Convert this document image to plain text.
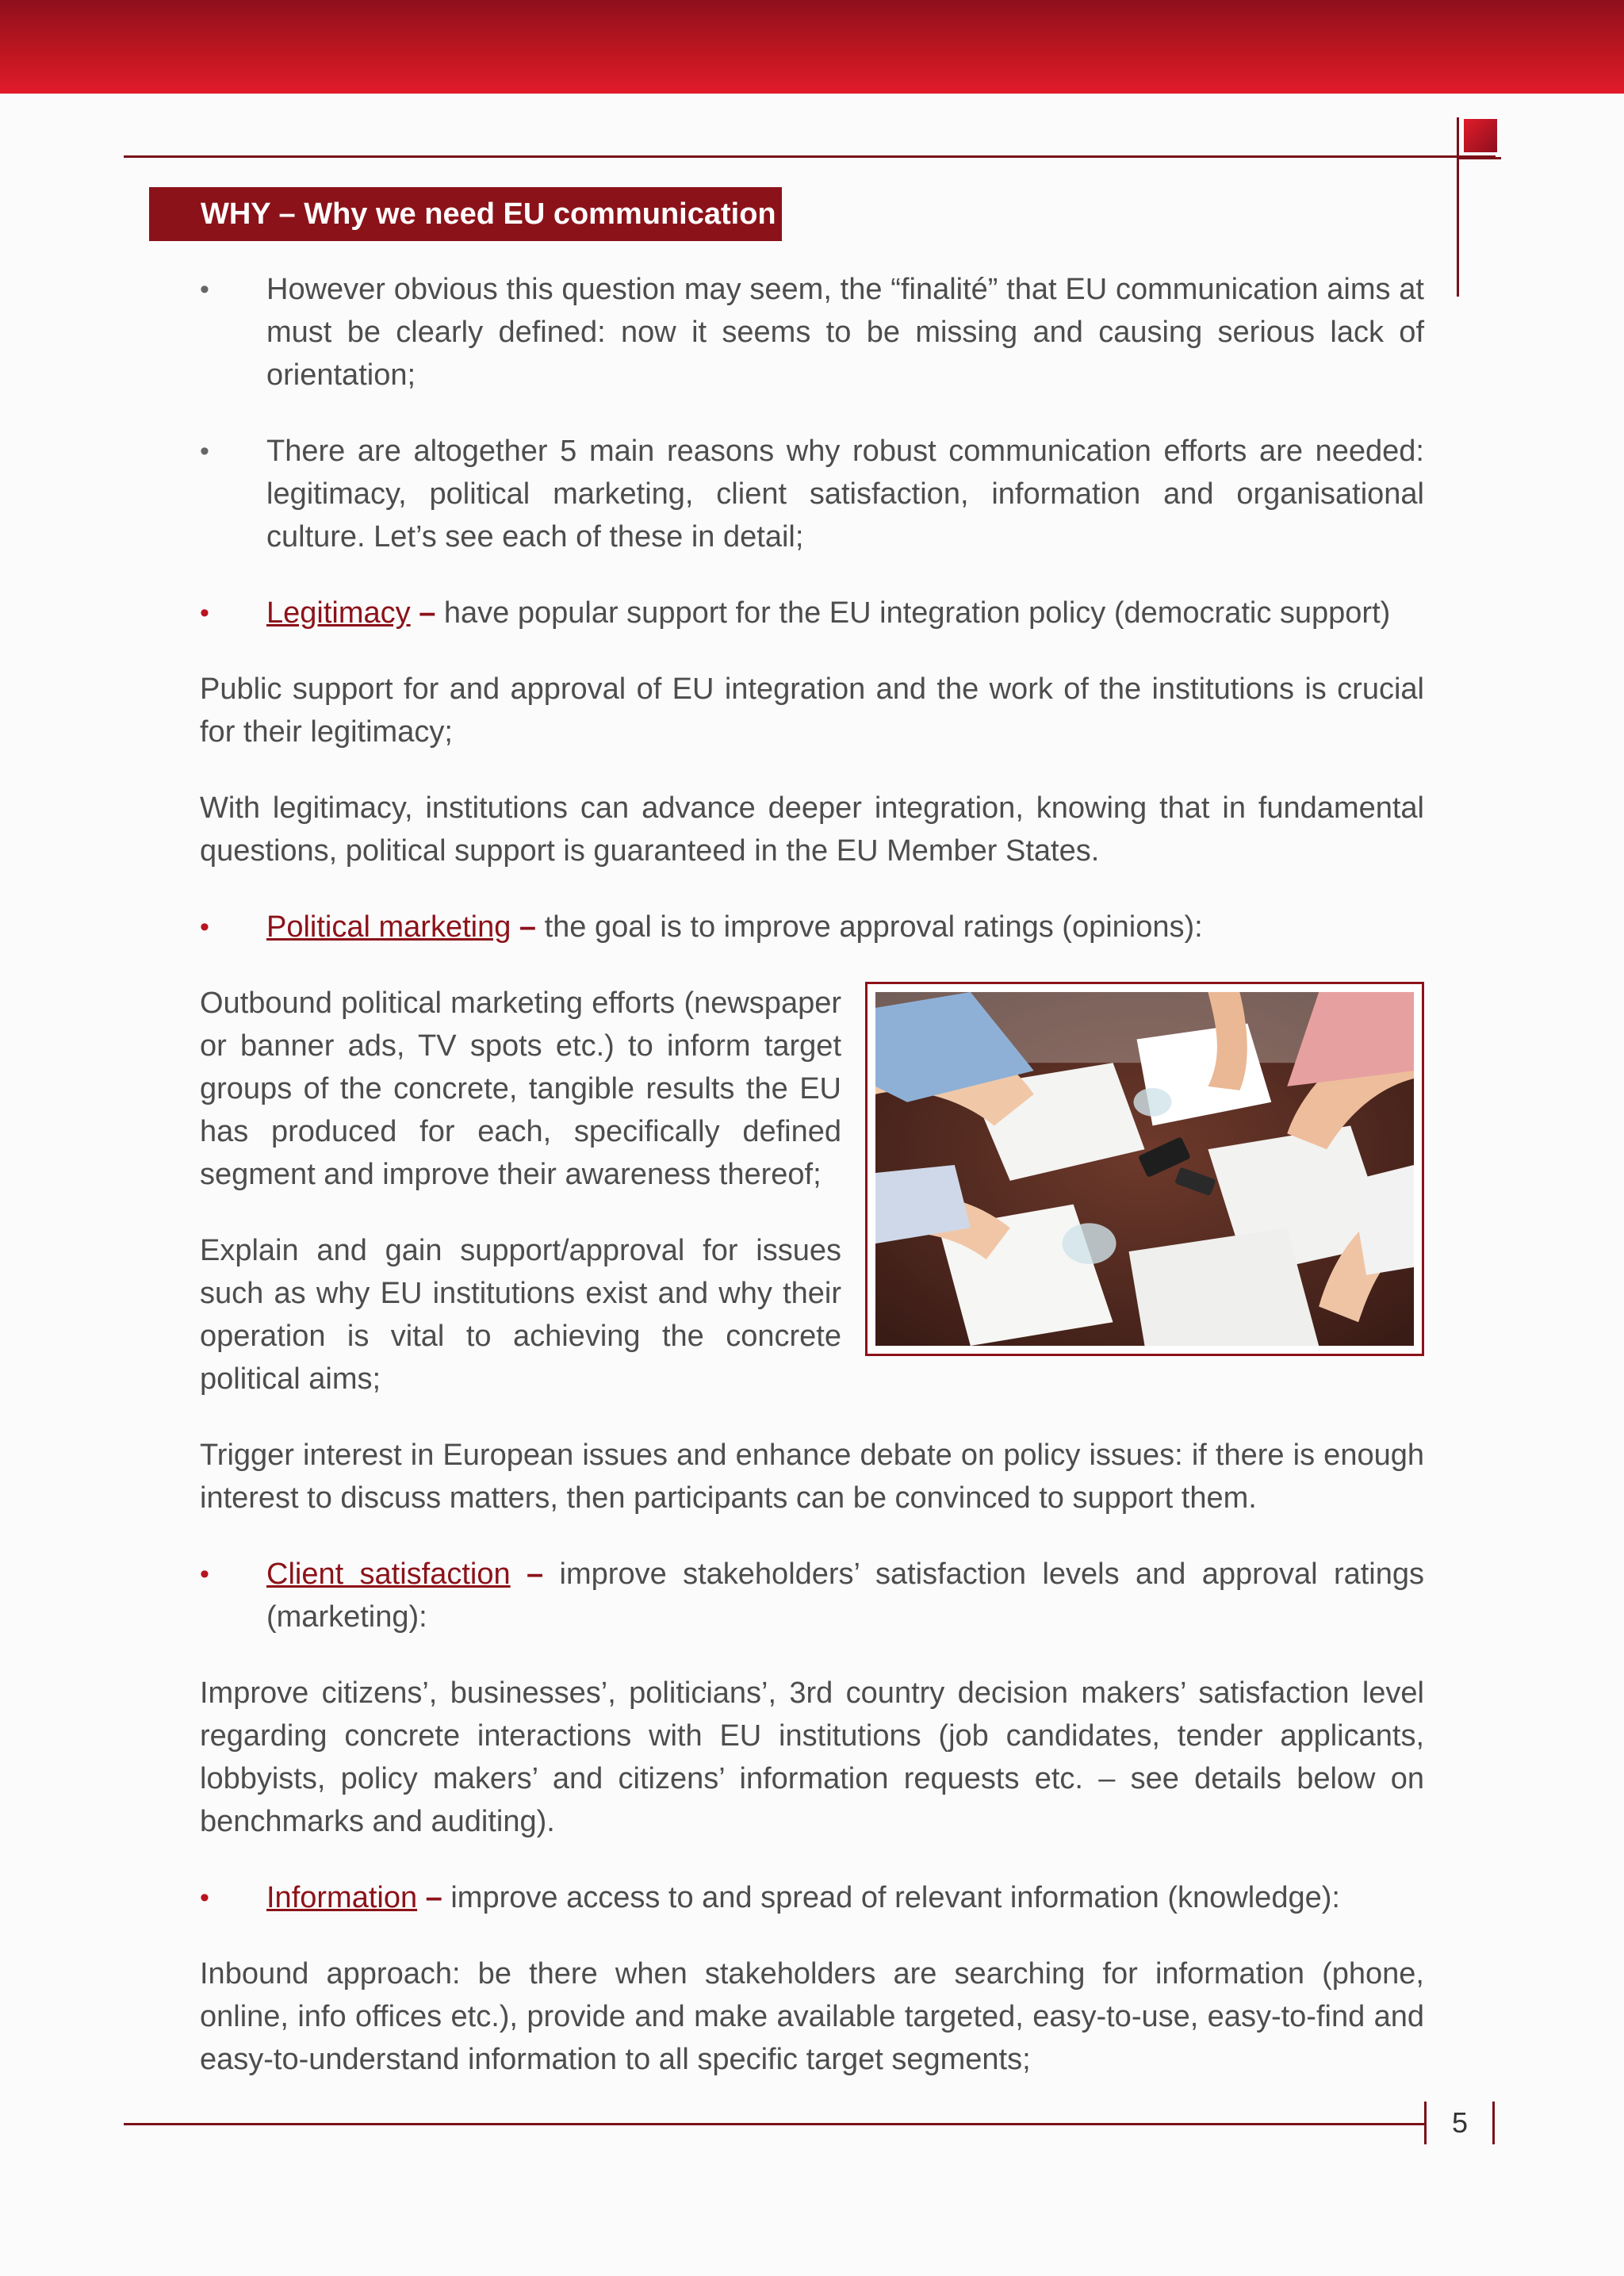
WHY – Why we need EU communication
• However obvious this question may seem, the “finalité” that EU communication aims at must be clearly defined: now it seems to be missing and causing serious lack of orientation;
• There are altogether 5 main reasons why robust communication efforts are needed: legitimacy, political marketing, client satisfaction, information and organisational culture. Let’s see each of these in detail;
• Legitimacy – have popular support for the EU integration policy (democratic support)

Public support for and approval of EU integration and the work of the institutions is crucial for their legitimacy;

With legitimacy, institutions can advance deeper integration, knowing that in fundamental questions, political support is guaranteed in the EU Member States.

• Political marketing – the goal is to improve approval ratings (opinions):

Outbound political marketing efforts (newspaper or banner ads, TV spots etc.) to inform target groups of the concrete, tangible results the EU has produced for each, specifically defined segment and improve their awareness thereof;

Explain and gain support/approval for issues such as why EU institutions exist and why their operation is vital to achieving the concrete political aims;

Trigger interest in European issues and enhance debate on policy issues: if there is enough interest to discuss matters, then participants can be convinced to support them.

• Client satisfaction – improve stakeholders’ satisfaction levels and approval ratings (marketing):

Improve citizens’, businesses’, politicians’, 3rd country decision makers’ satisfaction level regarding concrete interactions with EU institutions (job candidates, tender applicants, lobbyists, policy makers’ and citizens’ information requests etc. – see details below on benchmarks and auditing).

• Information – improve access to and spread of relevant information (knowledge):

Inbound approach: be there when stakeholders are searching for information (phone, online, info offices etc.), provide and make available targeted, easy-to-use, easy-to-find and easy-to-understand information to all specific target segments;

5
